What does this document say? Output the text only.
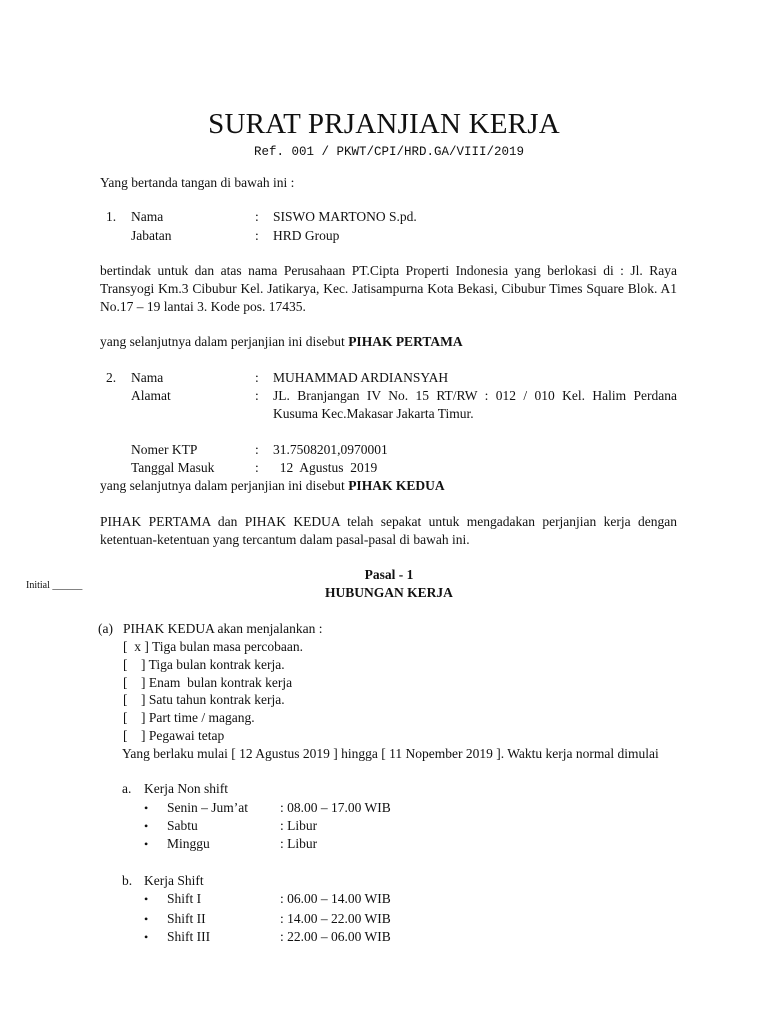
SURAT PRJANJIAN KERJA
Ref. 001 / PKWT/CPI/HRD.GA/VIII/2019
Yang bertanda tangan di bawah ini :
1. Nama	: SISWO MARTONO S.pd.
Jabatan	: HRD Group
bertindak untuk dan atas nama Perusahaan PT.Cipta Properti Indonesia yang berlokasi di : Jl. Raya Transyogi Km.3 Cibubur Kel. Jatikarya, Kec. Jatisampurna Kota Bekasi, Cibubur Times Square Blok. A1 No.17 – 19 lantai 3. Kode pos. 17435.
yang selanjutnya dalam perjanjian ini disebut PIHAK PERTAMA
2. Nama	: MUHAMMAD ARDIANSYAH
Alamat	: JL. Branjangan IV No. 15 RT/RW : 012 / 010 Kel. Halim Perdana Kusuma Kec.Makasar Jakarta Timur.
Nomer KTP	: 31.7508201,0970001
Tanggal Masuk	: 12  Agustus  2019
yang selanjutnya dalam perjanjian ini disebut PIHAK KEDUA
PIHAK PERTAMA dan PIHAK KEDUA telah sepakat untuk mengadakan perjanjian kerja dengan ketentuan-ketentuan yang tercantum dalam pasal-pasal di bawah ini.
Initial ______
Pasal - 1
HUBUNGAN KERJA
(a) PIHAK KEDUA akan menjalankan :
[  x ] Tiga bulan masa percobaan.
[    ] Tiga bulan kontrak kerja.
[    ] Enam  bulan kontrak kerja
[    ] Satu tahun kontrak kerja.
[    ] Part time / magang.
[    ] Pegawai tetap
Yang berlaku mulai [ 12 Agustus 2019 ] hingga [ 11 Nopember 2019 ]. Waktu kerja normal dimulai
a. Kerja Non shift
• Senin – Jum’at : 08.00 – 17.00 WIB
• Sabtu	: Libur
• Minggu	: Libur
b. Kerja Shift
• Shift I	: 06.00 – 14.00 WIB
• Shift II	: 14.00 – 22.00 WIB
• Shift III	: 22.00 – 06.00 WIB
